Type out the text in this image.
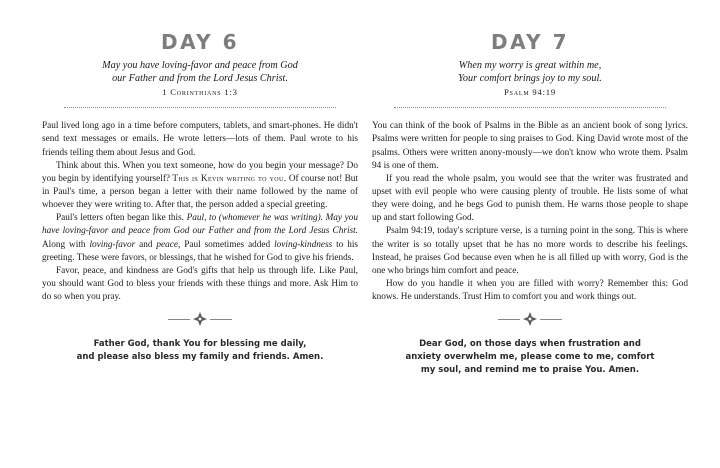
DAY 6
May you have loving-favor and peace from God
our Father and from the Lord Jesus Christ.
1 Corinthians 1:3

Paul lived long ago in a time before computers, tablets, and smart-phones. He didn't send text messages or emails. He wrote letters—lots of them. Paul wrote to his friends telling them about Jesus and God.

Think about this. When you text someone, how do you begin your message? Do you begin by identifying yourself? This is Kevin writing to you. Of course not! But in Paul's time, a person began a letter with their name followed by the name of whoever they were writing to. After that, the person added a special greeting.

Paul's letters often began like this. Paul, to (whomever he was writing). May you have loving-favor and peace from God our Father and from the Lord Jesus Christ. Along with loving-favor and peace, Paul sometimes added loving-kindness to his greeting. These were favors, or blessings, that he wished for God to give his friends.

Favor, peace, and kindness are God's gifts that help us through life. Like Paul, you should want God to bless your friends with these things and more. Ask Him to do so when you pray.

Father God, thank You for blessing me daily,
and please also bless my family and friends. Amen.
DAY 7
When my worry is great within me,
Your comfort brings joy to my soul.
Psalm 94:19

You can think of the book of Psalms in the Bible as an ancient book of song lyrics. Psalms were written for people to sing praises to God. King David wrote most of the psalms. Others were written anony-mously—we don't know who wrote them. Psalm 94 is one of them.

If you read the whole psalm, you would see that the writer was frustrated and upset with evil people who were causing plenty of trouble. He lists some of what they were doing, and he begs God to punish them. He warns those people to shape up and start following God.

Psalm 94:19, today's scripture verse, is a turning point in the song. This is where the writer is so totally upset that he has no more words to describe his feelings. Instead, he praises God because even when he is all filled up with worry, God is the one who brings him comfort and peace.

How do you handle it when you are filled with worry? Remember this: God knows. He understands. Trust Him to comfort you and work things out.

Dear God, on those days when frustration and
anxiety overwhelm me, please come to me, comfort
my soul, and remind me to praise You. Amen.
